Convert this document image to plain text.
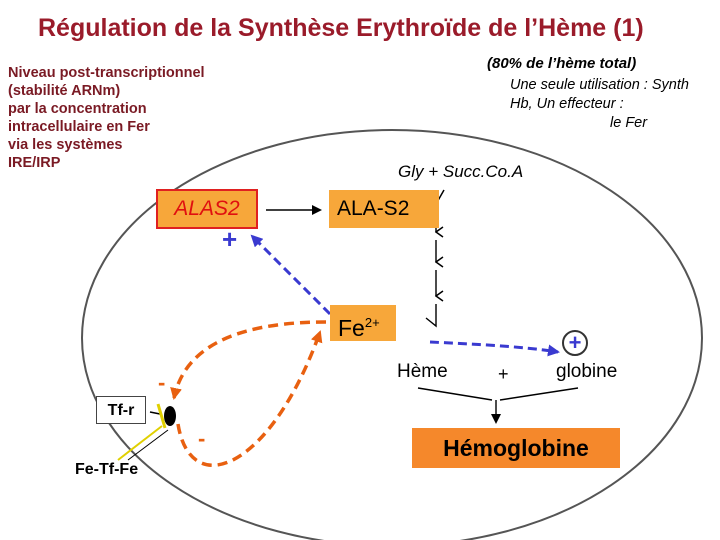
Régulation de la Synthèse Erythroïde de l’Hème (1)
Niveau post-transcriptionnel
(stabilité ARNm)
par la concentration
intracellulaire en Fer
via les systèmes
IRE/IRP
(80% de l’hème total)
Une seule utilisation : Synth
Hb, Un effecteur :
le Fer
Gly + Succ.Co.A
ALAS2	ALA-S2
$Fe^{2+}$
Hème	+ globine
Hémoglobine
Tf-r
Fe-Tf-Fe
+
+
-
-
